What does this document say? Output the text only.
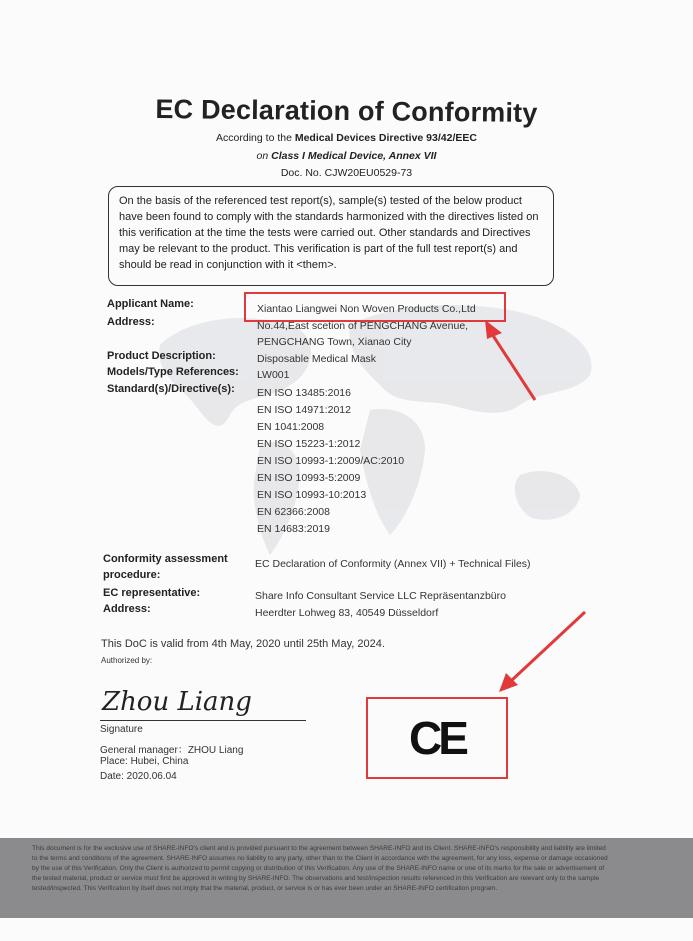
EC Declaration of Conformity
According to the Medical Devices Directive 93/42/EEC
on Class I Medical Device, Annex VII
Doc. No. CJW20EU0529-73
On the basis of the referenced test report(s), sample(s) tested of the below product have been found to comply with the standards harmonized with the directives listed on this verification at the time the tests were carried out. Other standards and Directives may be relevant to the product. This verification is part of the full test report(s) and should be read in conjunction with it <them>.
Applicant Name:	Xiantao Liangwei Non Woven Products Co.,Ltd
Address:	No.44,East scetion of PENGCHANG Avenue,
PENGCHANG Town, Xianao City
Product Description:	Disposable Medical Mask
Models/Type References: LW001
Standard(s)/Directive(s): EN ISO 13485:2016
EN ISO 14971:2012
EN 1041:2008
EN ISO 15223-1:2012
EN ISO 10993-1:2009/AC:2010
EN ISO 10993-5:2009
EN ISO 10993-10:2013
EN 62366:2008
EN 14683:2019
Conformity assessment
procedure:
EC Declaration of Conformity (Annex VII) + Technical Files)
EC representative:	Share Info Consultant Service LLC Repräsentanzbüro
Address:	Heerdter Lohweg 83, 40549 Düsseldorf
This DoC is valid from 4th May, 2020 until 25th May, 2024.
Authorized by:
Zhou Liang
Signature
General manager：ZHOU Liang
Place: Hubei, China
Date: 2020.06.04
CE
This document is for the exclusive use of SHARE-INFO's client and is provided pursuant to the agreement between SHARE-INFO and its Client. SHARE-INFO's responsibility and liability are limited to the terms and conditions of the agreement. SHARE-INFO assumes no liability to any party, other than to the Client in accordance with the agreement, for any loss, expense or damage occasioned by the use of this Verification. Only the Client is authorized to permit copying or distribution of this Verification. Any use of the SHARE-INFO name or one of its marks for the sale or advertisement of the tested material, product or service must first be approved in writing by SHARE-INFO. The observations and test/inspection results referenced in this Verification are relevant only to the sample tested/inspected. This Verification by itself does not imply that the material, product, or service is or has ever been under an SHARE-INFO certification program.
